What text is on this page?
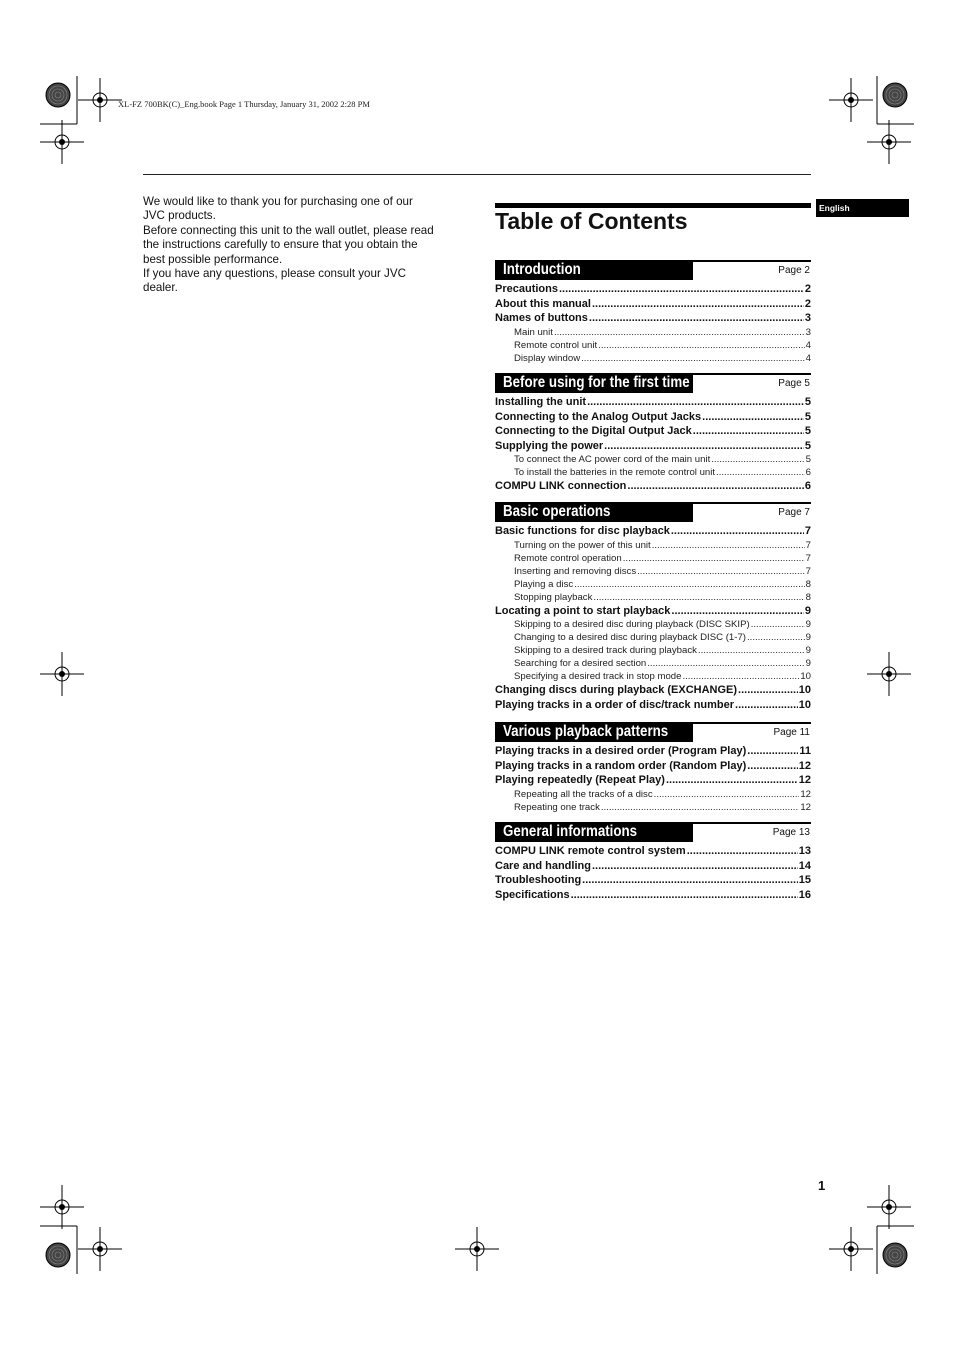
XL-FZ 700BK(C)_Eng.book Page 1 Thursday, January 31, 2002 2:28 PM

We would like to thank you for purchasing one of our

JVC products.

Before connecting this unit to the wall outlet, please read

the instructions carefully to ensure that you obtain the

best possible performance.

If you have any questions, please consult your JVC

dealer.

English
Table of Contents
Introduction	Page 2
Precautions .....	2
About this manual .....	2
Names of buttons .....	3
Main unit .....	3
Remote control unit .....	4
Display window .....	4
Before using for the first time	Page 5
Installing the unit .....	5
Connecting to the Analog Output Jacks .....	5
Connecting to the Digital Output Jack .....	5
Supplying the power .....	5
To connect the AC power cord of the main unit .....	5
To install the batteries in the remote control unit .....	6
COMPU LINK connection .....	6
Basic operations	Page 7
Basic functions for disc playback .....	7
Turning on the power of this unit .....	7
Remote control operation .....	7
Inserting and removing discs .....	7
Playing a disc .....	8
Stopping playback .....	8
Locating a point to start playback .....	9
Skipping to a desired disc during playback (DISC SKIP) .....	9
Changing to a desired disc during playback DISC (1-7) .....	9
Skipping to a desired track during playback .....	9
Searching for a desired section .....	9
Specifying a desired track in stop mode .....	10
Changing discs during playback (EXCHANGE) .....	10
Playing tracks in a order of disc/track number .....	10
Various playback patterns	Page 11
Playing tracks in a desired order (Program Play) .....	11
Playing tracks in a random order (Random Play) .....	12
Playing repeatedly (Repeat Play) .....	12
Repeating all the tracks of a disc .....	12
Repeating one track .....	12
General informations	Page 13
COMPU LINK remote control system .....	13
Care and handling .....	14
Troubleshooting .....	15
Specifications .....	16
1
